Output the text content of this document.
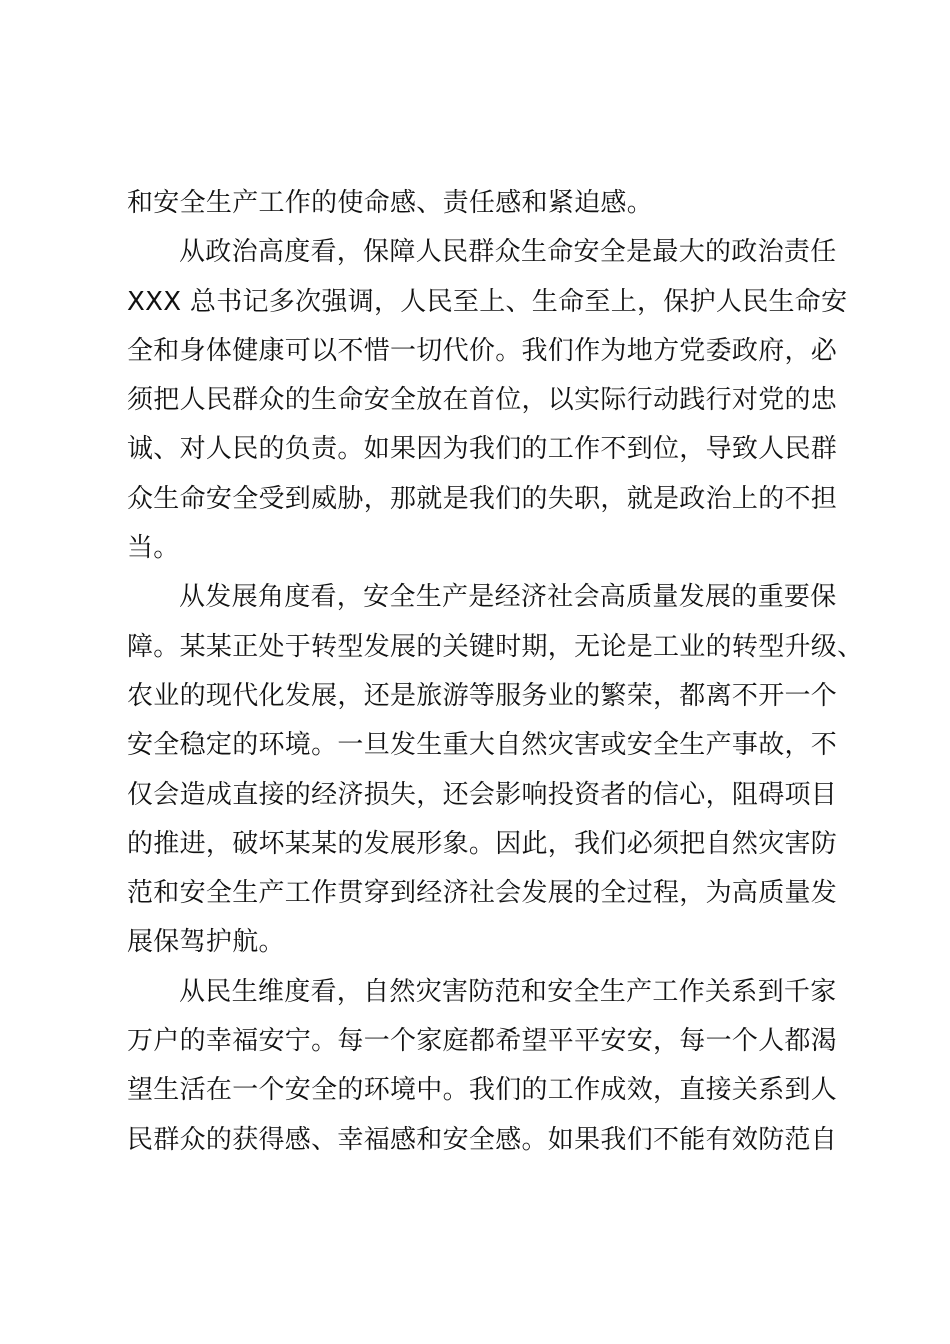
和安全生产工作的使命感、责任感和紧迫感。
从政治高度看，保障人民群众生命安全是最大的政治责任
XXX 总书记多次强调，人民至上、生命至上，保护人民生命安
全和身体健康可以不惜一切代价。我们作为地方党委政府，必
须把人民群众的生命安全放在首位，以实际行动践行对党的忠
诚、对人民的负责。如果因为我们的工作不到位，导致人民群
众生命安全受到威胁，那就是我们的失职，就是政治上的不担
当。
从发展角度看，安全生产是经济社会高质量发展的重要保
障。某某正处于转型发展的关键时期，无论是工业的转型升级、
农业的现代化发展，还是旅游等服务业的繁荣，都离不开一个
安全稳定的环境。一旦发生重大自然灾害或安全生产事故，不
仅会造成直接的经济损失，还会影响投资者的信心，阻碍项目
的推进，破坏某某的发展形象。因此，我们必须把自然灾害防
范和安全生产工作贯穿到经济社会发展的全过程，为高质量发
展保驾护航。
从民生维度看，自然灾害防范和安全生产工作关系到千家
万户的幸福安宁。每一个家庭都希望平平安安，每一个人都渴
望生活在一个安全的环境中。我们的工作成效，直接关系到人
民群众的获得感、幸福感和安全感。如果我们不能有效防范自
